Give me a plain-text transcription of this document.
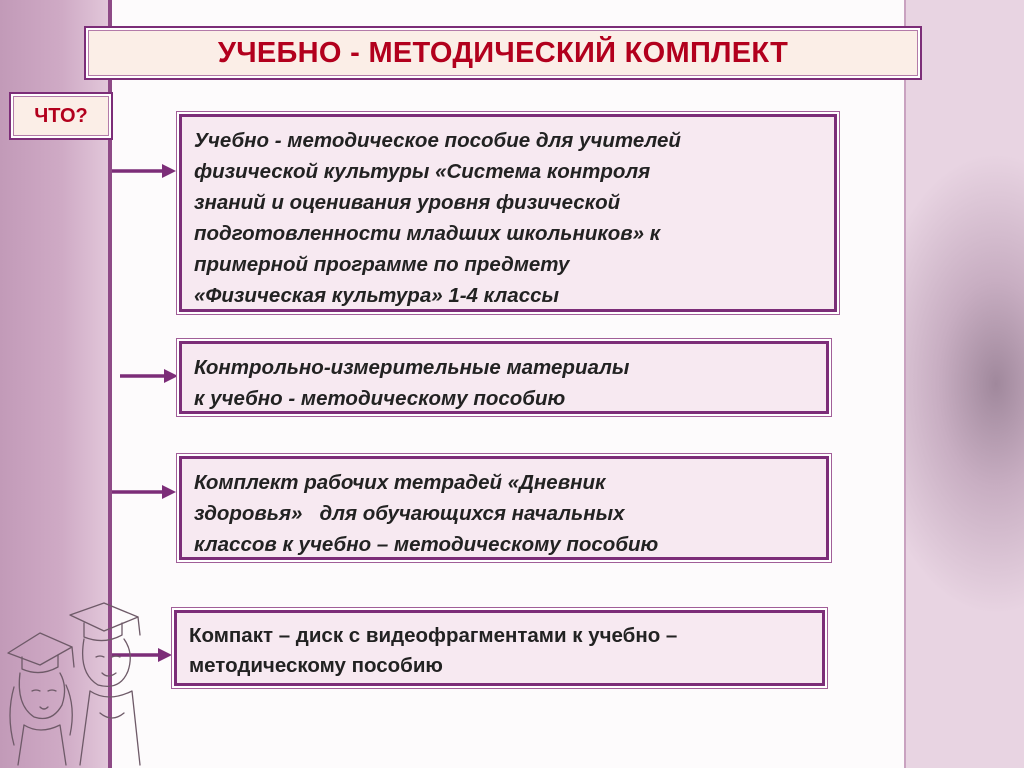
УЧЕБНО - МЕТОДИЧЕСКИЙ КОМПЛЕКТ
ЧТО?
Учебно - методическое пособие для учителей
физической культуры «Система контроля
знаний и оценивания уровня физической
подготовленности младших школьников» к
примерной программе по предмету
«Физическая культура» 1-4 классы
Контрольно-измерительные материалы
к учебно - методическому пособию
Комплект рабочих тетрадей «Дневник
здоровья»   для обучающихся начальных
классов к учебно – методическому пособию
Компакт – диск с видеофрагментами к учебно –
методическому пособию
